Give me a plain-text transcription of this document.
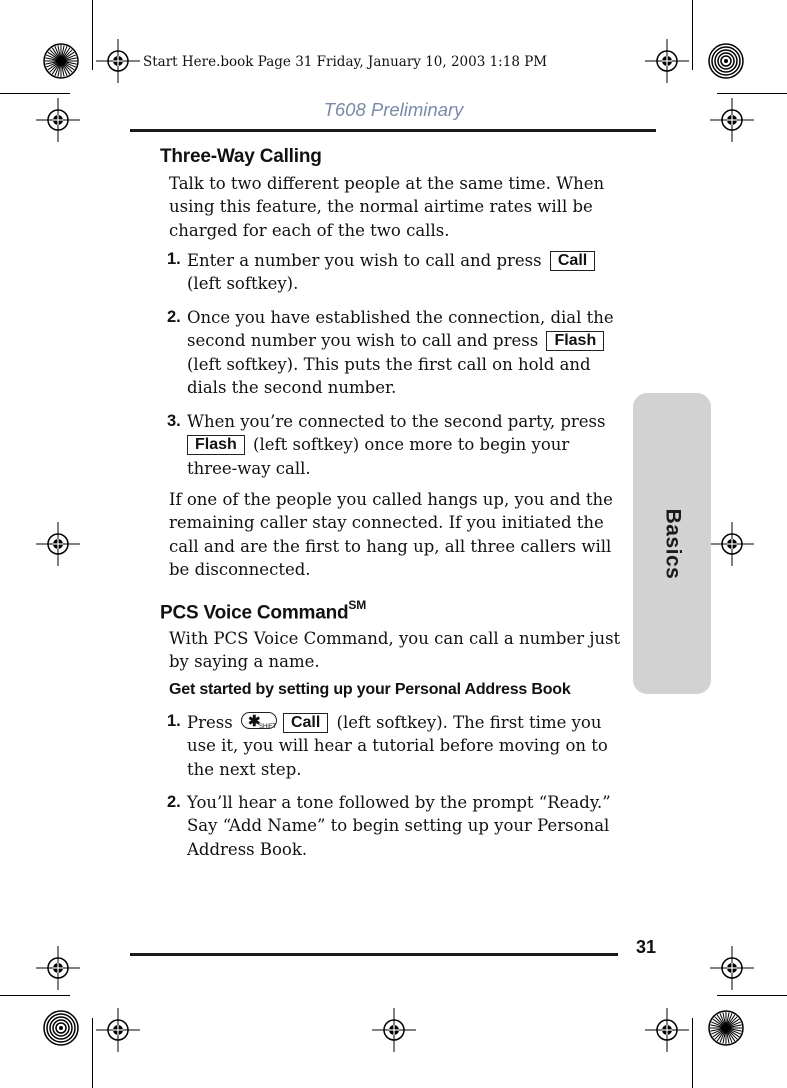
Start Here.book Page 31 Friday, January 10, 2003 1:18 PM
T608 Preliminary
Basics
Three-Way Calling

Talk to two different people at the same time. When using this feature, the normal airtime rates will be charged for each of the two calls.

1. Enter a number you wish to call and press Call (left softkey).

2. Once you have established the connection, dial the second number you wish to call and press Flash (left softkey). This puts the first call on hold and dials the second number.

3. When you’re connected to the second party, press Flash (left softkey) once more to begin your three-way call.

If one of the people you called hangs up, you and the remaining caller stay connected. If you initiated the call and are the first to hang up, all three callers will be disconnected.

PCS Voice Command℠

With PCS Voice Command, you can call a number just by saying a name.

Get started by setting up your Personal Address Book
1. Press ✱
SHIFT Call (left softkey). The first time you use it, you will hear a tutorial before moving on to the next step.

2. You’ll hear a tone followed by the prompt “Ready.” Say “Add Name” to begin setting up your Personal Address Book.

31
